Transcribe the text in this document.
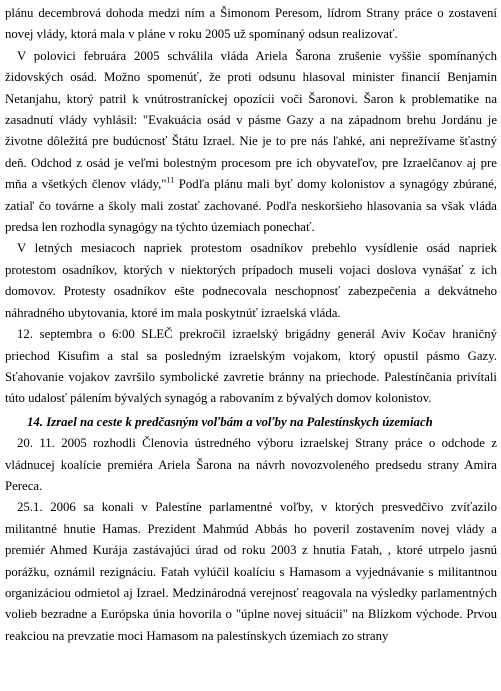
plánu decembrová dohoda medzi ním a Šimonom Peresom, lídrom Strany práce o zostavení novej vlády, ktorá mala v pláne v roku 2005 už spomínaný odsun realizovať.

V polovici februára 2005 schválila vláda Ariela Šarona zrušenie vyššie spomínaných židovských osád. Možno spomenúť, že proti odsunu hlasoval minister financií Benjamin Netanjahu, ktorý patril k vnútrostraníckej opozícii voči Šaronovi. Šaron k problematike na zasadnutí vlády vyhlásil: "Evakuácia osád v pásme Gazy a na západnom brehu Jordánu je životne dôležitá pre budúcnosť Štátu Izrael. Nie je to pre nás ľahké, ani neprežívame šťastný deň. Odchod z osád je veľmi bolestným procesom pre ich obyvateľov, pre Izraelčanov aj pre mňa a všetkých členov vlády,"$^{11}$ Podľa plánu mali byť domy kolonistov a synagógy zbúrané, zatiaľ čo továrne a školy mali zostať zachované. Podľa neskoršieho hlasovania sa však vláda predsa len rozhodla synagógy na týchto územiach ponechať.

V letných mesiacoch napriek protestom osadníkov prebehlo vysídlenie osád napriek protestom osadníkov, ktorých v niektorých prípadoch museli vojaci doslova vynášať z ich domovov. Protesty osadníkov ešte podnecovala neschopnosť zabezpečenia a dekvátneho náhradného ubytovania, ktoré im mala poskytnúť izraelská vláda.

12. septembra o 6:00 SLEČ prekročil izraelský brigádny generál Aviv Kočav hraničný priechod Kisufim a stal sa posledným izraelským vojakom, ktorý opustil pásmo Gazy. Sťahovanie vojakov završilo symbolické zavretie bránny na priechode. Palestínčania privítali túto udalosť pálením bývalých synagóg a rabovaním z bývalých domov kolonistov.

14. Izrael na ceste k predčasným voľbám a voľby na Palestínskych územiach

20. 11. 2005 rozhodli Členovia ústredného výboru izraelskej Strany práce o odchode z vládnucej koalície premiéra Ariela Šarona na návrh novozvoleného predsedu strany Amira Pereca.

25.1. 2006 sa konali v Palestíne parlamentné voľby, v ktorých presvedčivo zvíťazilo militantné hnutie Hamas. Prezident Mahmúd Abbás ho poveril zostavením novej vlády a premiér Ahmed Kurája zastávajúci úrad od roku 2003 z hnutia Fatah, , ktoré utrpelo jasnú porážku, oznámil rezignáciu. Fatah vylúčil koalíciu s Hamasom a vyjednávanie s militantnou organizáciou odmietol aj Izrael. Medzinárodná verejnosť reagovala na výsledky parlamentných volieb bezradne a Európska únia hovorila o "úplne novej situácii" na Blízkom východe. Prvou reakciou na prevzatie moci Hamasom na palestínskych územiach zo strany
